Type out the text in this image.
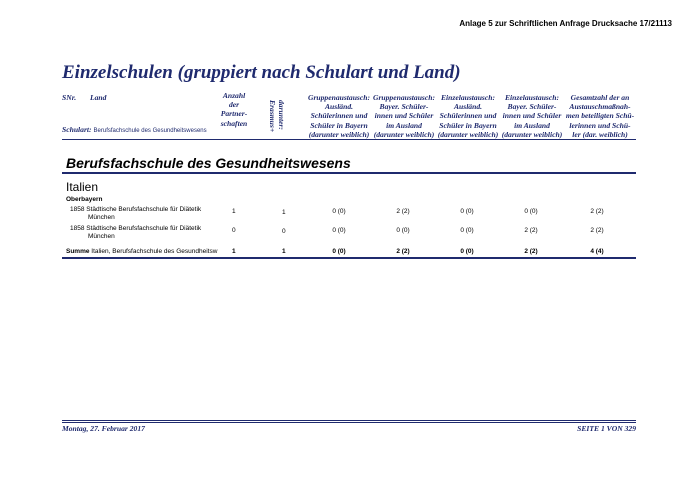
Anlage 5 zur Schriftlichen Anfrage Drucksache 17/21113
Einzelschulen (gruppiert nach Schulart und Land)
SNr. Land	Anzahl
der
Partner-
schaften	darunter:
Erasmus+
Gruppenaustausch:
Ausländ.
Schülerinnen und
Schüler in Bayern
(darunter weiblich)
Gruppenaustausch:
Bayer. Schüler-
innen und Schüler
im Ausland
(darunter weiblich)
Einzelaustausch:
Ausländ.
Schülerinnen und
Schüler in Bayern
(darunter weiblich)
Einzelaustausch:
Bayer. Schüler-
innen und Schüler
im Ausland
(darunter weiblich)
Gesamtzahl der an
Austauschmaßnah-
men beteiligten Schü-
lerinnen und Schü-
ler (dar. weiblich)
Schulart: Berufsfachschule des Gesundheitswesens
Berufsfachschule des Gesundheitswesens
Italien
Oberbayern
1858 Städtische Berufsfachschule für Diätetik
München
1	1	0 (0)	2 (2)	0 (0)	0 (0)	2 (2)
1858 Städtische Berufsfachschule für Diätetik
München
0	0	0 (0)	0 (0)	0 (0)	2 (2)	2 (2)
Summe Italien, Berufsfachschule des Gesundheitsw 1	1	0 (0)	2 (2)	0 (0)	2 (2)	4 (4)
Montag, 27. Februar 2017	SEITE 1 VON 329
